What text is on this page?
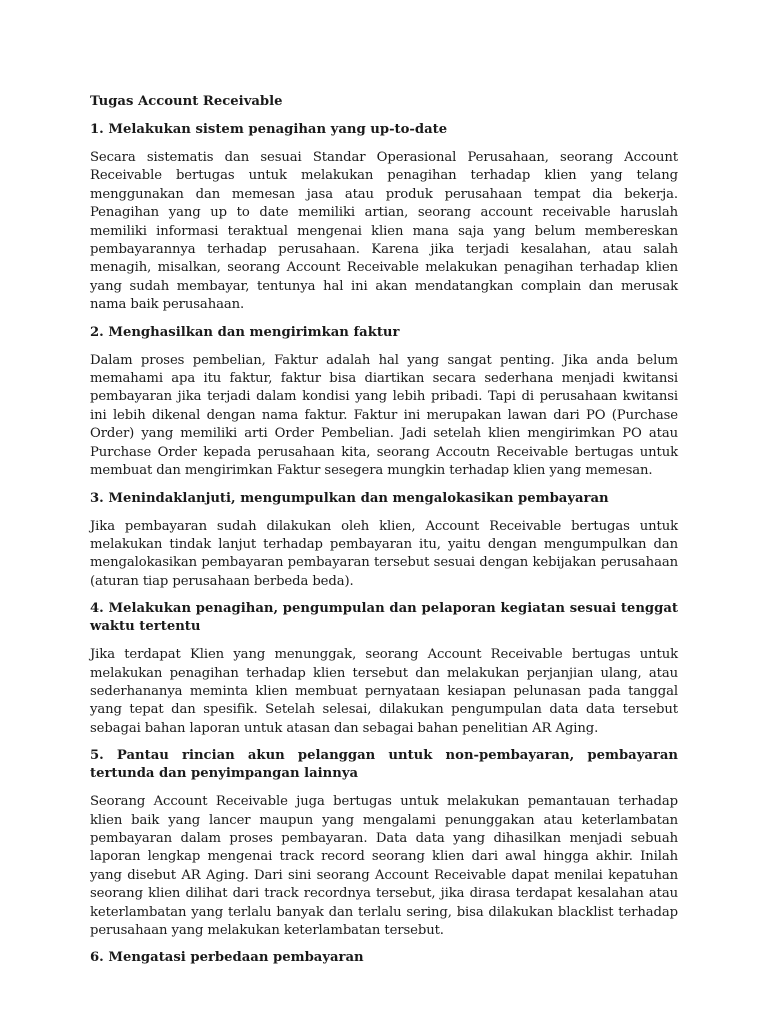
Tugas Account Receivable
1. Melakukan sistem penagihan yang up-to-date
Secara sistematis dan sesuai Standar Operasional Perusahaan, seorang Account Receivable bertugas untuk melakukan penagihan terhadap klien yang telang menggunakan dan memesan jasa atau produk perusahaan tempat dia bekerja. Penagihan yang up to date memiliki artian, seorang account receivable haruslah memiliki informasi teraktual mengenai klien mana saja yang belum membereskan pembayarannya terhadap perusahaan. Karena jika terjadi kesalahan, atau salah menagih, misalkan, seorang Account Receivable melakukan penagihan terhadap klien yang sudah membayar, tentunya hal ini akan mendatangkan complain dan merusak nama baik perusahaan.
2. Menghasilkan dan mengirimkan faktur
Dalam proses pembelian, Faktur adalah hal yang sangat penting. Jika anda belum memahami apa itu faktur, faktur bisa diartikan secara sederhana menjadi kwitansi pembayaran jika terjadi dalam kondisi yang lebih pribadi. Tapi di perusahaan kwitansi ini lebih dikenal dengan nama faktur. Faktur ini merupakan lawan dari PO (Purchase Order) yang memiliki arti Order Pembelian. Jadi setelah klien mengirimkan PO atau Purchase Order kepada perusahaan kita, seorang Accoutn Receivable bertugas untuk membuat dan mengirimkan Faktur sesegera mungkin terhadap klien yang memesan.
3. Menindaklanjuti, mengumpulkan dan mengalokasikan pembayaran
Jika pembayaran sudah dilakukan oleh klien, Account Receivable bertugas untuk melakukan tindak lanjut terhadap pembayaran itu, yaitu dengan mengumpulkan dan mengalokasikan pembayaran pembayaran tersebut sesuai dengan kebijakan perusahaan (aturan tiap perusahaan berbeda beda).
4. Melakukan penagihan, pengumpulan dan pelaporan kegiatan sesuai tenggat waktu tertentu
Jika terdapat Klien yang menunggak, seorang Account Receivable bertugas untuk melakukan penagihan terhadap klien tersebut dan melakukan perjanjian ulang, atau sederhananya meminta klien membuat pernyataan kesiapan pelunasan pada tanggal yang tepat dan spesifik. Setelah selesai, dilakukan pengumpulan data data tersebut sebagai bahan laporan untuk atasan dan sebagai bahan penelitian AR Aging.
5. Pantau rincian akun pelanggan untuk non-pembayaran, pembayaran tertunda dan penyimpangan lainnya
Seorang Account Receivable juga bertugas untuk melakukan pemantauan terhadap klien baik yang lancer maupun yang mengalami penunggakan atau keterlambatan pembayaran dalam proses pembayaran. Data data yang dihasilkan menjadi sebuah laporan lengkap mengenai track record seorang klien dari awal hingga akhir. Inilah yang disebut AR Aging. Dari sini seorang Account Receivable dapat menilai kepatuhan seorang klien dilihat dari track recordnya tersebut, jika dirasa terdapat kesalahan atau keterlambatan yang terlalu banyak dan terlalu sering, bisa dilakukan blacklist terhadap perusahaan yang melakukan keterlambatan tersebut.
6. Mengatasi perbedaan pembayaran
